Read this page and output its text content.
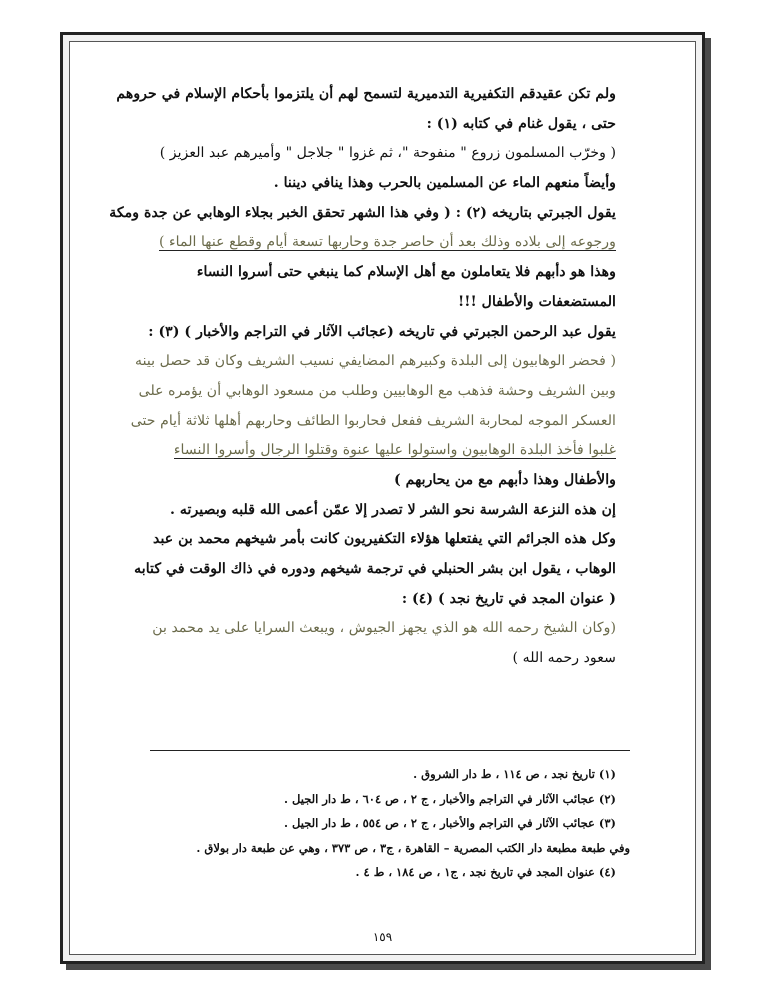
ولم تكن عقيدقم التكفيرية التدميرية لتسمح لهم أن يلتزموا بأحكام الإسلام في حروهم
حتى ، يقول غنام في كتابه (١) :
( وخرّب المسلمون زروع " منفوحة "، ثم غزوا " جلاجل " وأميرهم عبد العزيز )
وأيضاً منعهم الماء عن المسلمين بالحرب وهذا ينافي ديننا .
يقول الجبرتي بتاريخه (٢) : ( وفي هذا الشهر تحقق الخبر بجلاء الوهابي عن جدة ومكة
ورجوعه إلى بلاده وذلك بعد أن حاصر جدة وحاربها تسعة أيام وقطع عنها الماء )
وهذا هو دأبهم فلا يتعاملون مع أهل الإسلام كما ينبغي حتى أسروا النساء
المستضعفات والأطفال !!!
يقول عبد الرحمن الجبرتي في تاريخه (عجائب الآثار في التراجم والأخبار ) (٣) :
( فحضر الوهابيون إلى البلدة وكبيرهم المضايفي نسيب الشريف وكان قد حصل بينه
وبين الشريف وحشة فذهب مع الوهابيين وطلب من مسعود الوهابي أن يؤمره على
العسكر الموجه لمحاربة الشريف ففعل فحاربوا الطائف وحاربهم أهلها ثلاثة أيام حتى
غلبوا فأخذ البلدة الوهابيون واستولوا عليها عنوة وقتلوا الرجال وأسروا النساء
والأطفال وهذا دأبهم مع من يحاربهم )
إن هذه النزعة الشرسة نحو الشر لا تصدر إلا عمّن أعمى الله قلبه وبصيرته .
وكل هذه الجرائم التي يفتعلها هؤلاء التكفيريون كانت بأمر شيخهم محمد بن عبد
الوهاب ، يقول ابن بشر الحنبلي في ترجمة شيخهم ودوره في ذاك الوقت في كتابه
( عنوان المجد في تاريخ نجد ) (٤) :
(وكان الشيخ رحمه الله هو الذي يجهز الجيوش ، ويبعث السرايا على يد محمد بن
سعود رحمه الله )
(١) تاريخ نجد ، ص ١١٤ ، ط دار الشروق .
(٢) عجائب الآثار في التراجم والأخبار ، ج ٢ ، ص ٦٠٤ ، ط دار الجيل .
(٣) عجائب الآثار في التراجم والأخبار ، ج ٢ ، ص ٥٥٤ ، ط دار الجيل .
وفي طبعة مطبعة دار الكتب المصرية – القاهرة ، ج٣ ، ص ٣٧٣ ، وهي عن طبعة دار بولاق .
(٤) عنوان المجد في تاريخ نجد ، ج١ ، ص ١٨٤ ، ط ٤ .
١٥٩
